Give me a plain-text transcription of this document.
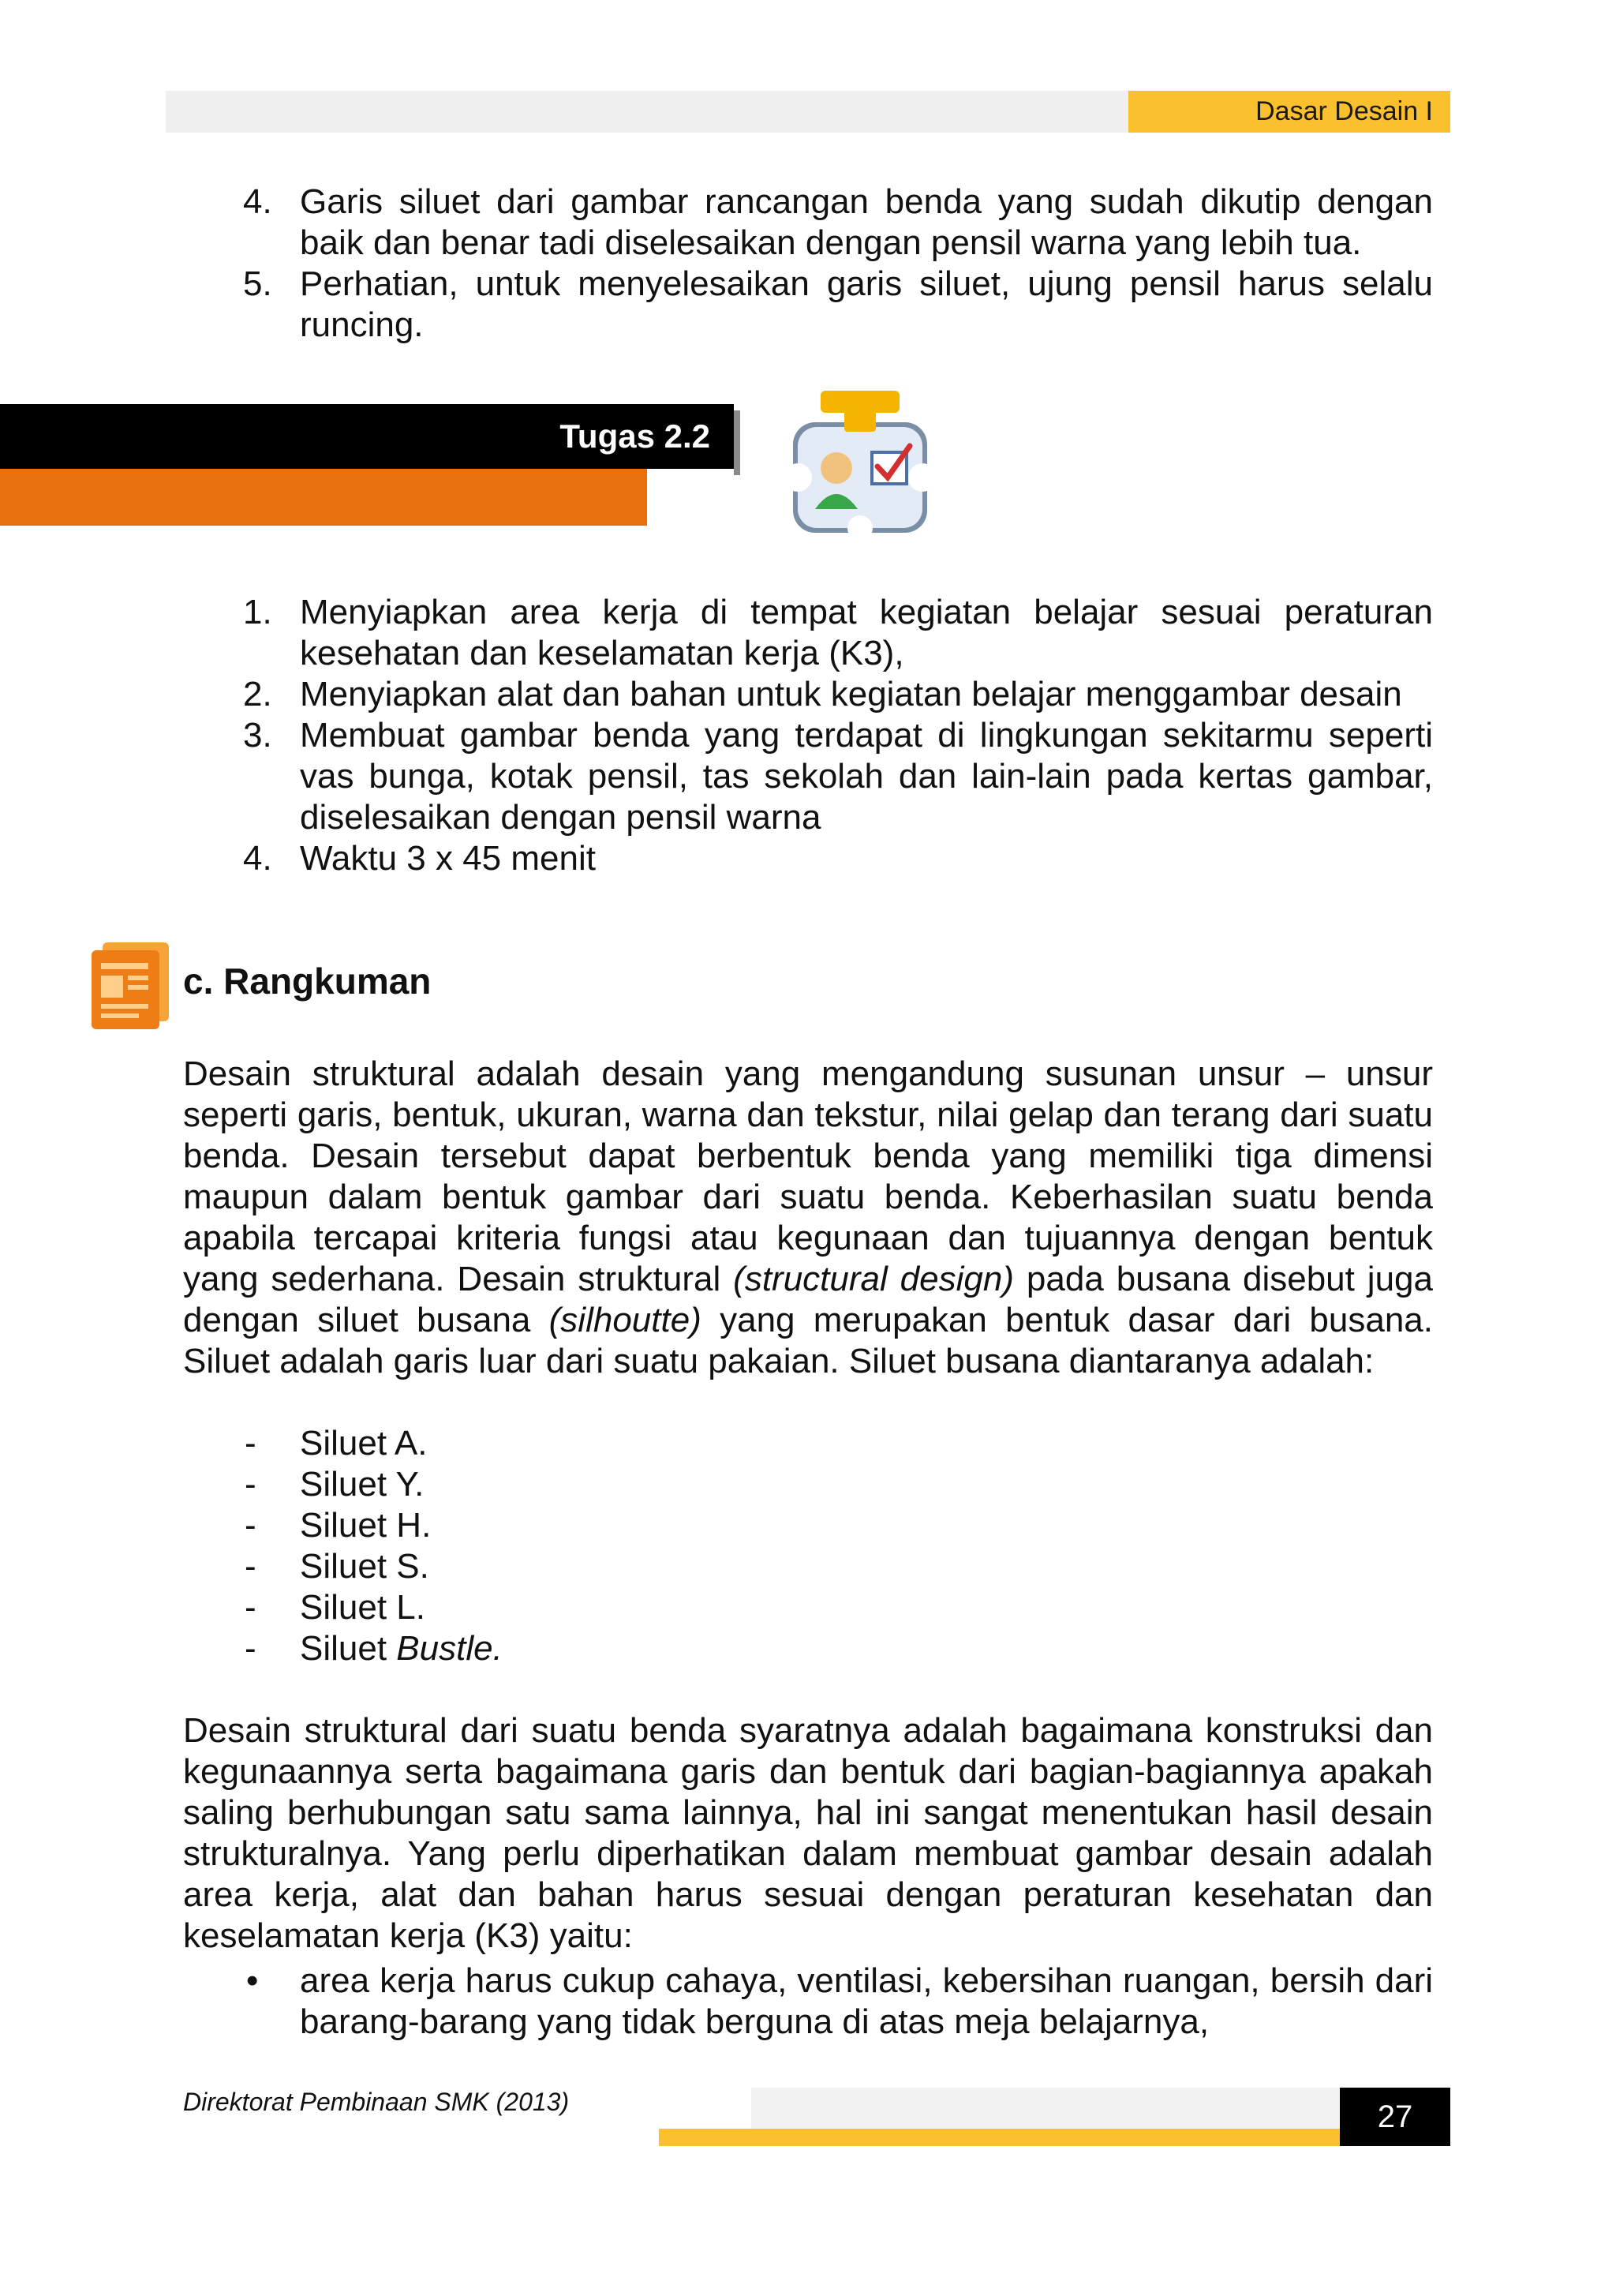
Dasar Desain I
4. Garis siluet dari gambar rancangan benda yang sudah dikutip dengan baik dan benar tadi diselesaikan dengan pensil warna yang lebih tua.
5. Perhatian, untuk menyelesaikan garis siluet, ujung pensil harus selalu runcing.
Tugas 2.2
1. Menyiapkan area kerja di tempat kegiatan belajar sesuai peraturan kesehatan dan keselamatan kerja (K3),
2. Menyiapkan alat dan bahan untuk kegiatan belajar menggambar desain
3. Membuat gambar benda yang terdapat di lingkungan sekitarmu seperti vas bunga, kotak pensil, tas sekolah dan lain-lain pada kertas gambar, diselesaikan dengan pensil warna
4. Waktu 3 x 45 menit
c. Rangkuman
Desain struktural adalah desain yang mengandung susunan unsur – unsur seperti garis, bentuk, ukuran, warna dan tekstur, nilai gelap dan terang dari suatu benda. Desain tersebut dapat berbentuk benda yang memiliki tiga dimensi maupun dalam bentuk gambar dari suatu benda. Keberhasilan suatu benda apabila tercapai kriteria fungsi atau kegunaan dan tujuannya dengan bentuk yang sederhana. Desain struktural (structural design) pada busana disebut juga dengan siluet busana (silhoutte) yang merupakan bentuk dasar dari busana. Siluet adalah garis luar dari suatu pakaian. Siluet busana diantaranya adalah:
- Siluet A.
- Siluet Y.
- Siluet H.
- Siluet S.
- Siluet L.
- Siluet Bustle.
Desain struktural dari suatu benda syaratnya adalah bagaimana konstruksi dan kegunaannya serta bagaimana garis dan bentuk dari bagian-bagiannya apakah saling berhubungan satu sama lainnya, hal ini sangat menentukan hasil desain strukturalnya. Yang perlu diperhatikan dalam membuat gambar desain adalah area kerja, alat dan bahan harus sesuai dengan peraturan kesehatan dan keselamatan kerja (K3) yaitu:
• area kerja harus cukup cahaya, ventilasi, kebersihan ruangan, bersih dari barang-barang yang tidak berguna di atas meja belajarnya,
Direktorat Pembinaan SMK (2013)	27
